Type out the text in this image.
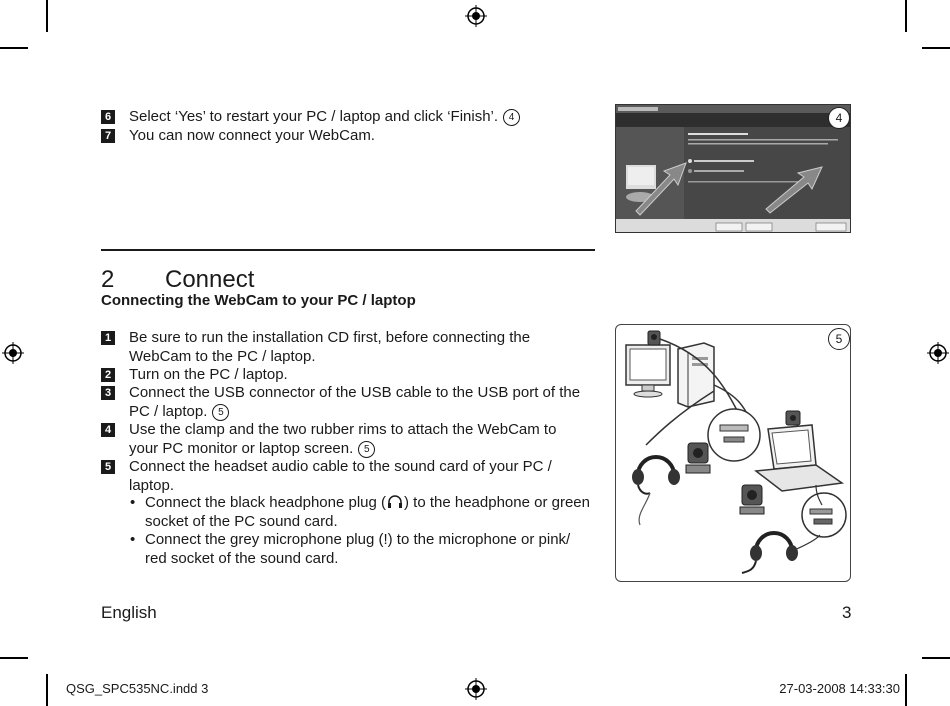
6 Select ‘Yes’ to restart your PC / laptop and click ‘Finish’. 4
7 You can now connect your WebCam.
4
2 Connect
Connecting the WebCam to your PC / laptop
1 Be sure to run the installation CD first, before connecting the
WebCam to the PC / laptop.
2 Turn on the PC / laptop.
3 Connect the USB connector of the USB cable to the USB port of the
PC / laptop. 5
4 Use the clamp and the two rubber rims to attach the WebCam to
your PC monitor or laptop screen. 5
5 Connect the headset audio cable to the sound card of your PC /
laptop.
• Connect the black headphone plug ( ) to the headphone or green
socket of the PC sound card.
• Connect the grey microphone plug (!) to the microphone or pink/
red socket of the sound card.
5
English	3
QSG_SPC535NC.indd 3	27-03-2008 14:33:30
